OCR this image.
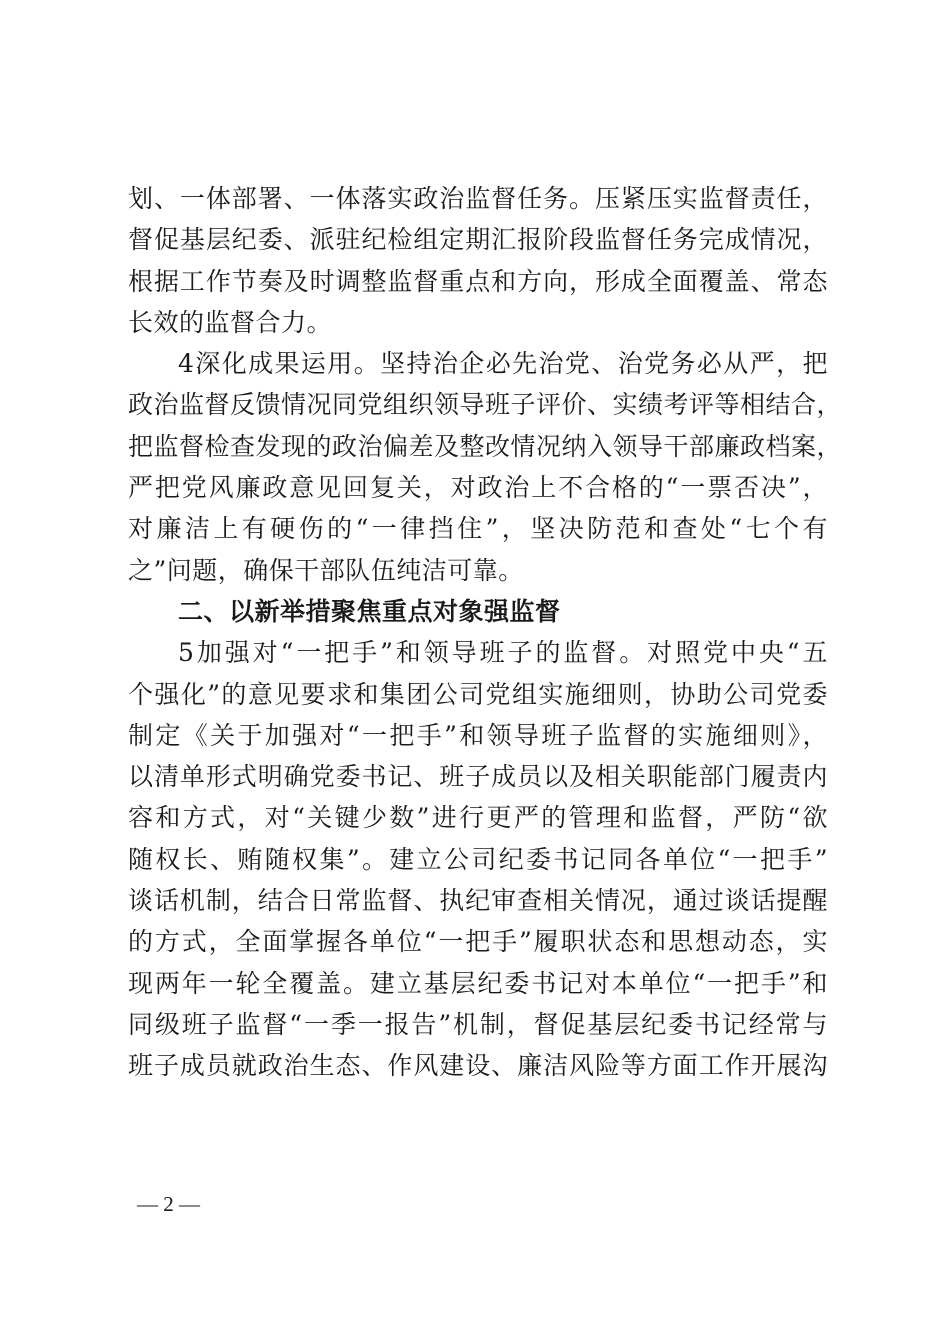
划、一体部署、一体落实政治监督任务。压紧压实监督责任，
督促基层纪委、派驻纪检组定期汇报阶段监督任务完成情况，
根据工作节奏及时调整监督重点和方向，形成全面覆盖、常态
长效的监督合力。
4深化成果运用。坚持治企必先治党、治党务必从严，把
政治监督反馈情况同党组织领导班子评价、实绩考评等相结合，
把监督检查发现的政治偏差及整改情况纳入领导干部廉政档案，
严把党风廉政意见回复关，对政治上不合格的“一票否决”，
对廉洁上有硬伤的“一律挡住”，坚决防范和查处“七个有
之”问题，确保干部队伍纯洁可靠。
二、以新举措聚焦重点对象强监督
5加强对“一把手”和领导班子的监督。对照党中央“五
个强化”的意见要求和集团公司党组实施细则，协助公司党委
制定《关于加强对“一把手”和领导班子监督的实施细则》，
以清单形式明确党委书记、班子成员以及相关职能部门履责内
容和方式，对“关键少数”进行更严的管理和监督，严防“欲
随权长、贿随权集”。建立公司纪委书记同各单位“一把手”
谈话机制，结合日常监督、执纪审查相关情况，通过谈话提醒
的方式，全面掌握各单位“一把手”履职状态和思想动态，实
现两年一轮全覆盖。建立基层纪委书记对本单位“一把手”和
同级班子监督“一季一报告”机制，督促基层纪委书记经常与
班子成员就政治生态、作风建设、廉洁风险等方面工作开展沟
— 2 —
